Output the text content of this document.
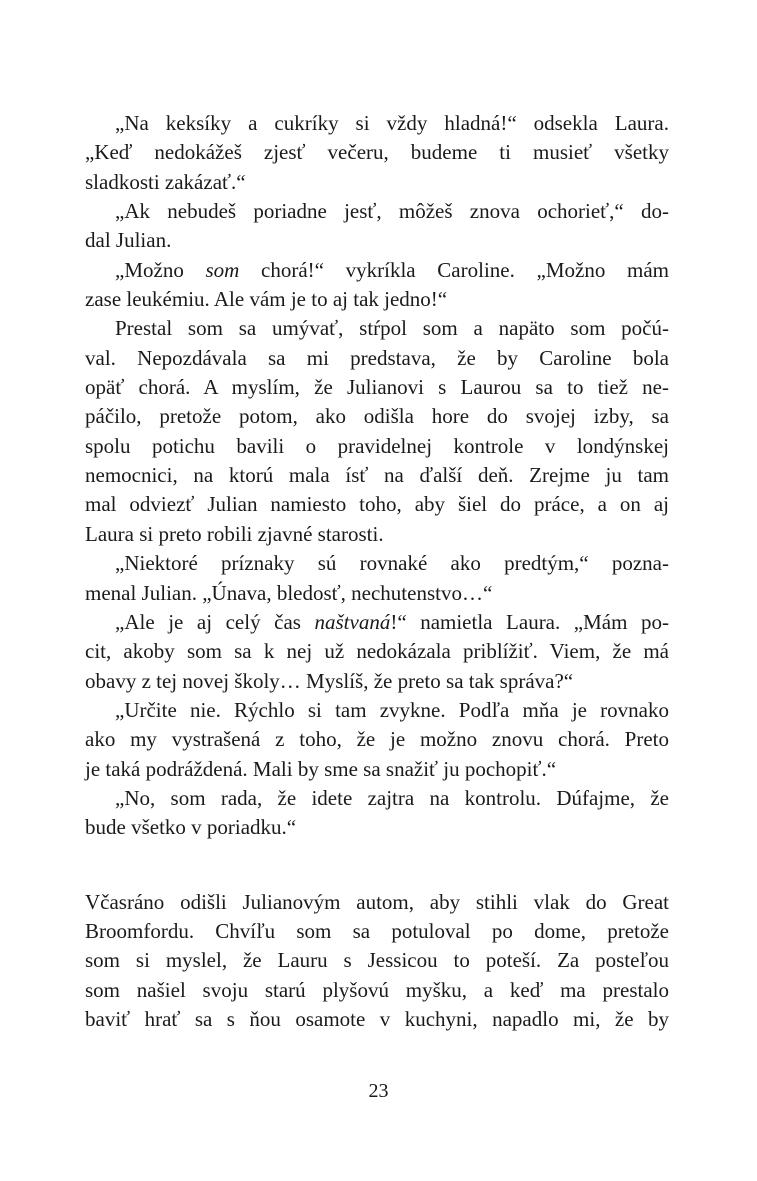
„Na keksíky a cukríky si vždy hladná!“ odsekla Laura.
„Keď nedokážeš zjesť večeru, budeme ti musieť všetky
sladkosti zakázať.“
„Ak nebudeš poriadne jesť, môžeš znova ochorieť,“ do-
dal Julian.
„Možno som chorá!“ vykríkla Caroline. „Možno mám
zase leukémiu. Ale vám je to aj tak jedno!“
Prestal som sa umývať, stŕpol som a napäto som počú-
val. Nepozdávala sa mi predstava, že by Caroline bola
opäť chorá. A myslím, že Julianovi s Laurou sa to tiež ne-
páčilo, pretože potom, ako odišla hore do svojej izby, sa
spolu potichu bavili o pravidelnej kontrole v londýnskej
nemocnici, na ktorú mala ísť na ďalší deň. Zrejme ju tam
mal odviezť Julian namiesto toho, aby šiel do práce, a on aj
Laura si preto robili zjavné starosti.
„Niektoré príznaky sú rovnaké ako predtým,“ pozna-
menal Julian. „Únava, bledosť, nechutenstvo…“
„Ale je aj celý čas naštvaná!“ namietla Laura. „Mám po-
cit, akoby som sa k nej už nedokázala priblížiť. Viem, že má
obavy z tej novej školy… Myslíš, že preto sa tak správa?“
„Určite nie. Rýchlo si tam zvykne. Podľa mňa je rovnako
ako my vystrašená z toho, že je možno znovu chorá. Preto
je taká podráždená. Mali by sme sa snažiť ju pochopiť.“
„No, som rada, že idete zajtra na kontrolu. Dúfajme, že
bude všetko v poriadku.“
Včasráno odišli Julianovým autom, aby stihli vlak do Great
Broomfordu. Chvíľu som sa potuloval po dome, pretože
som si myslel, že Lauru s Jessicou to poteší. Za posteľou
som našiel svoju starú plyšovú myšku, a keď ma prestalo
baviť hrať sa s ňou osamote v kuchyni, napadlo mi, že by
23
